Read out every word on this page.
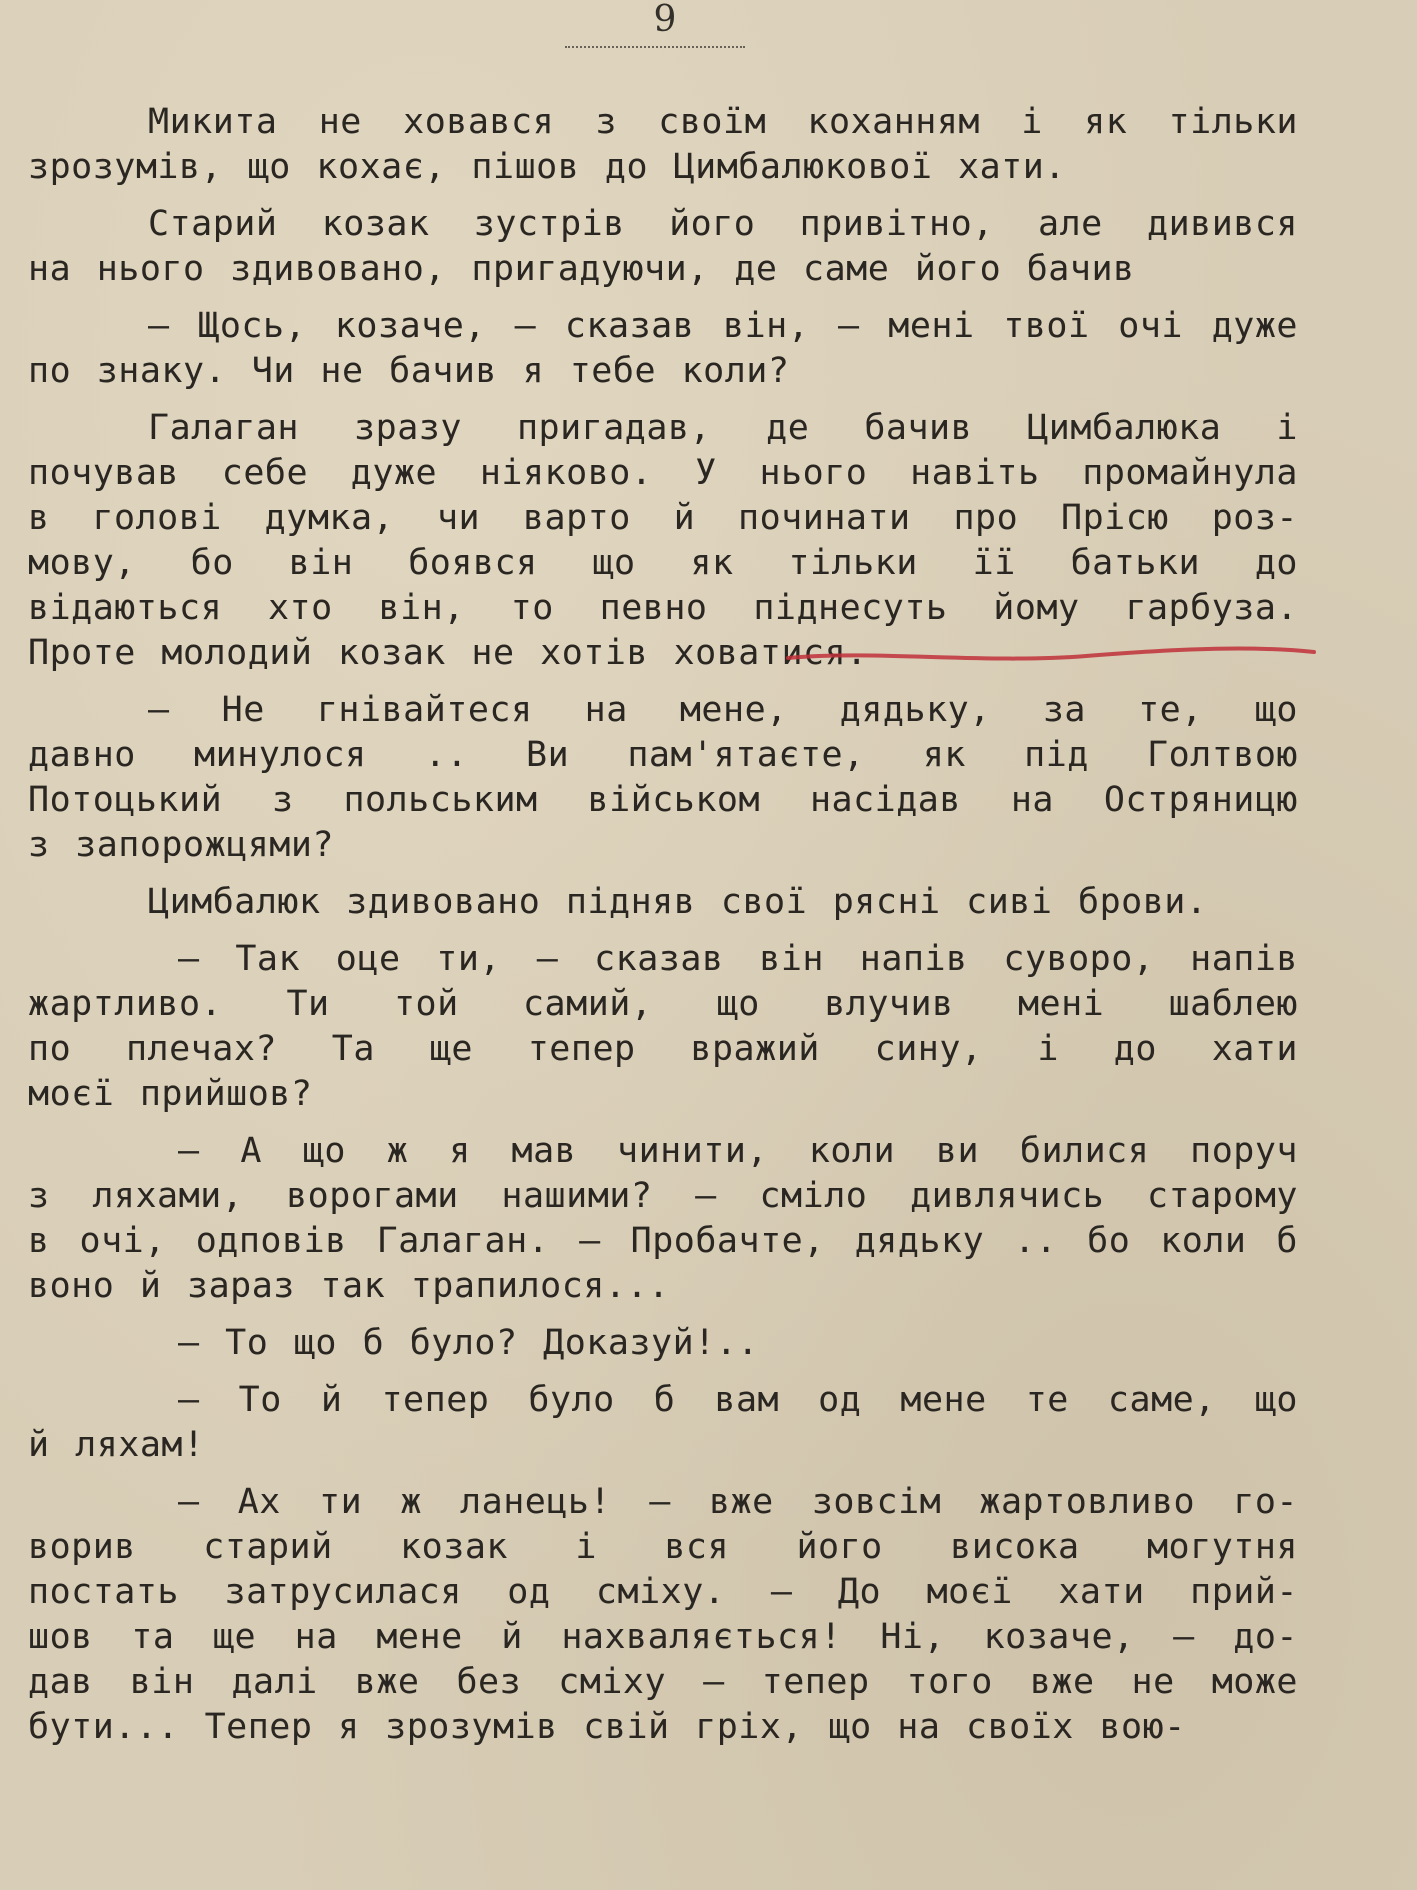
9
Микита не ховався з своїм коханням і як тільки
зрозумів, що кохає, пішов до Цимбалюкової хати.
Старий козак зустрів його привітно, але дивився
на нього здивовано, пригадуючи, де саме його бачив
— Щось, козаче, — сказав він, — мені твої очі дуже
по знаку. Чи не бачив я тебе коли?
Галаган зразу пригадав, де бачив Цимбалюка і
почував себе дуже ніяково. У нього навіть промайнула
в голові думка, чи варто й починати про Прісю роз-
мову, бо він боявся що як тільки її батьки до
відаються хто він, то певно піднесуть йому гарбуза.
Проте молодий козак не хотів ховатися.
— Не гнівайтеся на мене, дядьку, за те, що
давно минулося .. Ви пам'ятаєте, як під Голтвою
Потоцький з польським військом насідав на Остряницю
з запорожцями?
Цимбалюк здивовано підняв свої рясні сиві брови.
— Так оце ти, — сказав він напів суворо, напів
жартливо. Ти той самий, що влучив мені шаблею
по плечах? Та ще тепер вражий сину, і до хати
моєї прийшов?
— А що ж я мав чинити, коли ви билися поруч
з ляхами, ворогами нашими? — сміло дивлячись старому
в очі, одповів Галаган. — Пробачте, дядьку .. бо коли б
воно й зараз так трапилося...
— То що б було? Доказуй!..
— То й тепер було б вам од мене те саме, що
й ляхам!
— Ах ти ж ланець! — вже зовсім жартовливо го-
ворив старий козак і вся його висока могутня
постать затрусилася од сміху. — До моєї хати прий-
шов та ще на мене й нахваляється! Ні, козаче, — до-
дав він далі вже без сміху — тепер того вже не може
бути... Тепер я зрозумів свій гріх, що на своїх вою-
